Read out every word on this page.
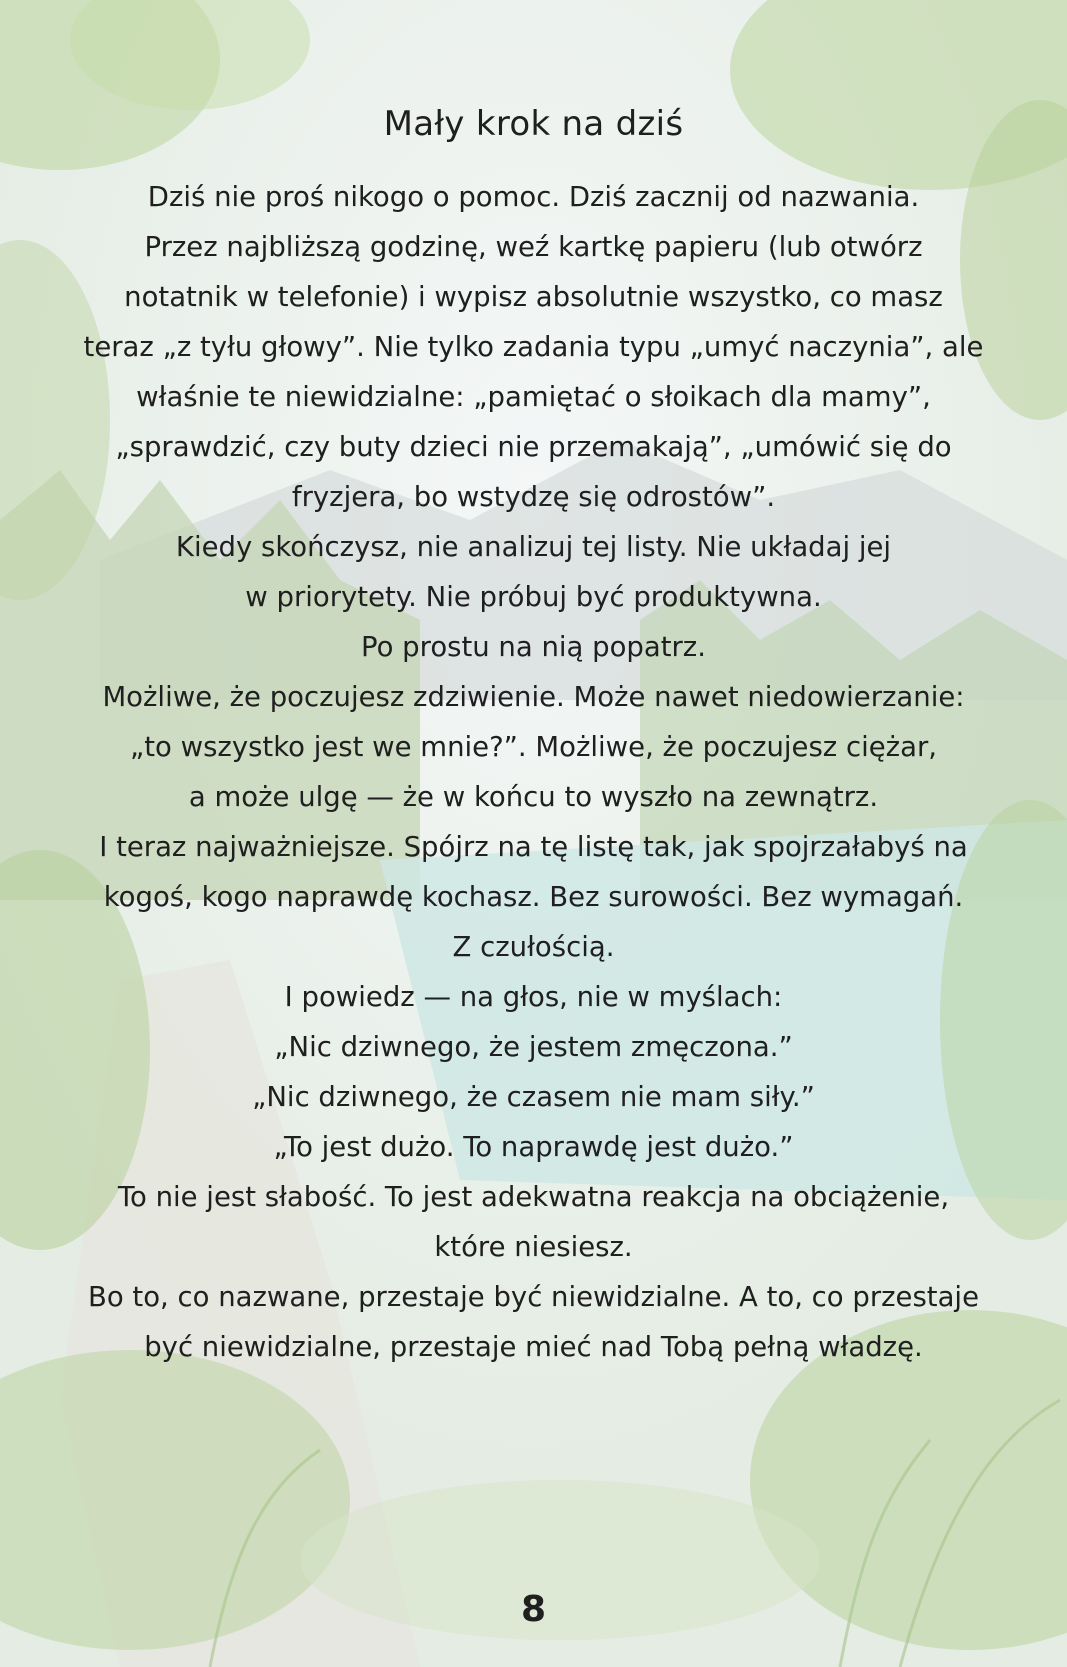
Mały krok na dziś
Dziś nie proś nikogo o pomoc. Dziś zacznij od nazwania.
Przez najbliższą godzinę, weź kartkę papieru (lub otwórz
notatnik w telefonie) i wypisz absolutnie wszystko, co masz
teraz „z tyłu głowy”. Nie tylko zadania typu „umyć naczynia”, ale
właśnie te niewidzialne: „pamiętać o słoikach dla mamy”,
„sprawdzić, czy buty dzieci nie przemakają”, „umówić się do
fryzjera, bo wstydzę się odrostów”.
Kiedy skończysz, nie analizuj tej listy. Nie układaj jej
w priorytety. Nie próbuj być produktywna.
Po prostu na nią popatrz.
Możliwe, że poczujesz zdziwienie. Może nawet niedowierzanie:
„to wszystko jest we mnie?”. Możliwe, że poczujesz ciężar,
a może ulgę — że w końcu to wyszło na zewnątrz.
I teraz najważniejsze. Spójrz na tę listę tak, jak spojrzałabyś na
kogoś, kogo naprawdę kochasz. Bez surowości. Bez wymagań.
Z czułością.
I powiedz — na głos, nie w myślach:
„Nic dziwnego, że jestem zmęczona.”
„Nic dziwnego, że czasem nie mam siły.”
„To jest dużo. To naprawdę jest dużo.”
To nie jest słabość. To jest adekwatna reakcja na obciążenie,
które niesiesz.
Bo to, co nazwane, przestaje być niewidzialne. A to, co przestaje
być niewidzialne, przestaje mieć nad Tobą pełną władzę.
8
